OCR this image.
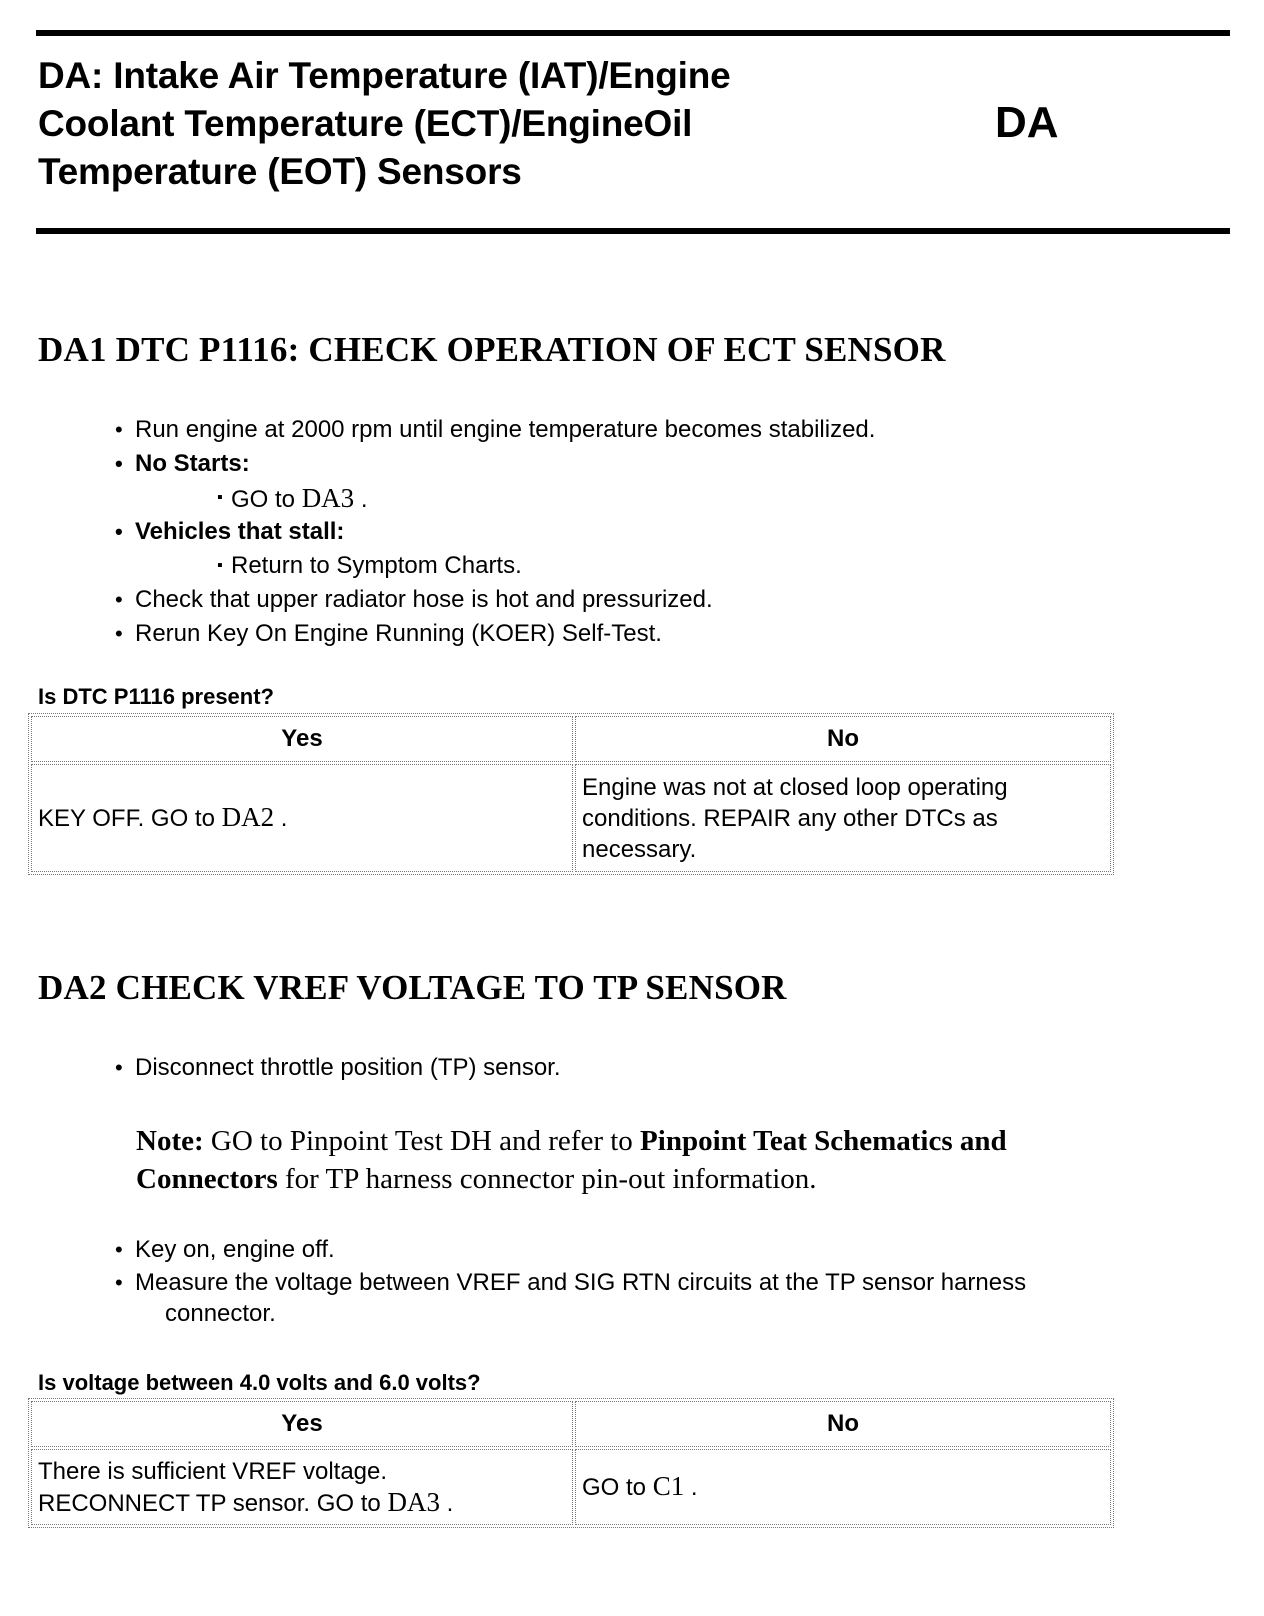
DA: Intake Air Temperature (IAT)/Engine
Coolant Temperature (ECT)/EngineOil
Temperature (EOT) Sensors
DA
DA1 DTC P1116: CHECK OPERATION OF ECT SENSOR
• Run engine at 2000 rpm until engine temperature becomes stabilized.
• No Starts:
▪ GO to DA3 .
• Vehicles that stall:
▪ Return to Symptom Charts.
• Check that upper radiator hose is hot and pressurized.
• Rerun Key On Engine Running (KOER) Self-Test.
Is DTC P1116 present?
Yes	No
KEY OFF. GO to DA2 .	Engine was not at closed loop operating conditions. REPAIR any other DTCs as necessary.
DA2 CHECK VREF VOLTAGE TO TP SENSOR
• Disconnect throttle position (TP) sensor.
Note: GO to Pinpoint Test DH and refer to Pinpoint Teat Schematics and Connectors for TP harness connector pin-out information.
• Key on, engine off.
• Measure the voltage between VREF and SIG RTN circuits at the TP sensor harness
connector.
Is voltage between 4.0 volts and 6.0 volts?
Yes	No
There is sufficient VREF voltage.
RECONNECT TP sensor. GO to DA3 .	GO to C1 .
